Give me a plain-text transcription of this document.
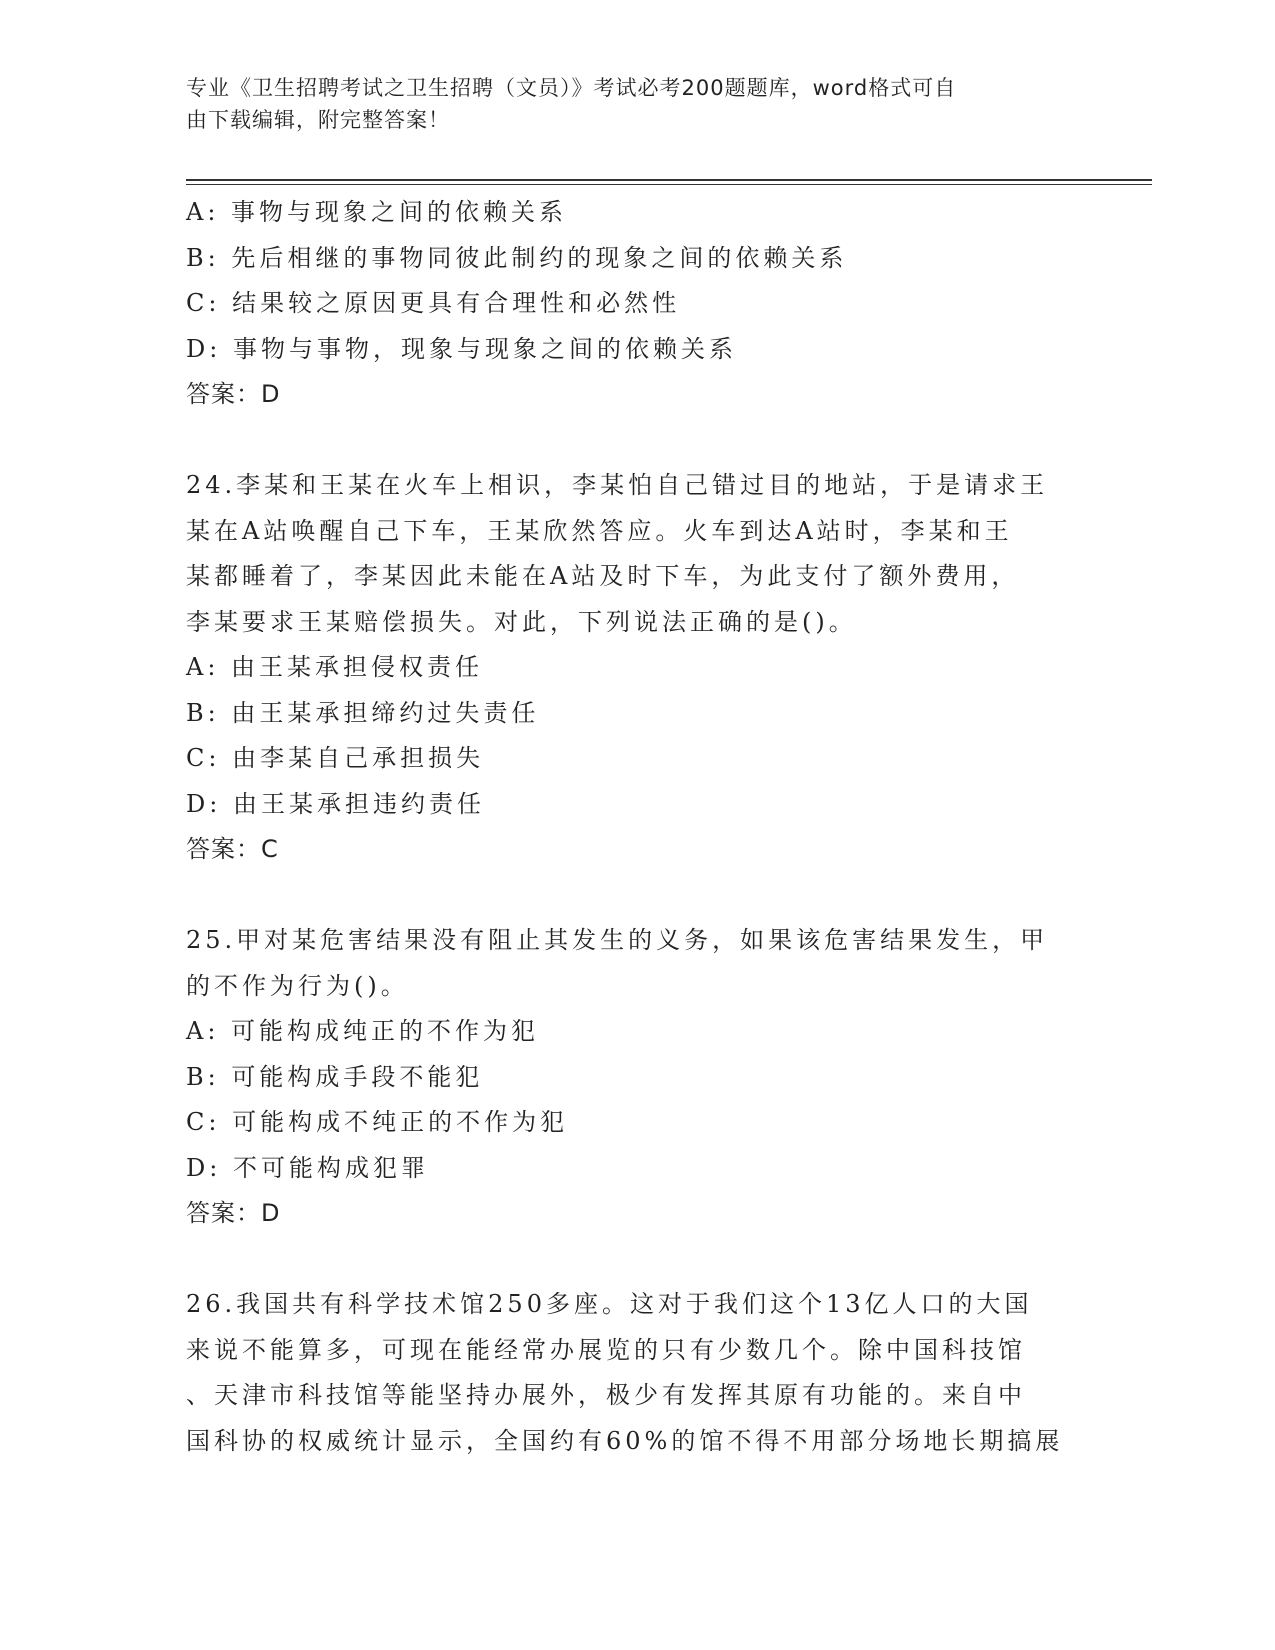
专业《卫生招聘考试之卫生招聘（文员）》考试必考200题题库，word格式可自
由下载编辑，附完整答案！
A: 事物与现象之间的依赖关系
B: 先后相继的事物同彼此制约的现象之间的依赖关系
C: 结果较之原因更具有合理性和必然性
D: 事物与事物，现象与现象之间的依赖关系
答案：D
24.李某和王某在火车上相识，李某怕自己错过目的地站，于是请求王
某在A站唤醒自己下车，王某欣然答应。火车到达A站时，李某和王
某都睡着了，李某因此未能在A站及时下车，为此支付了额外费用，
李某要求王某赔偿损失。对此，下列说法正确的是()。
A: 由王某承担侵权责任
B: 由王某承担缔约过失责任
C: 由李某自己承担损失
D: 由王某承担违约责任
答案：C
25.甲对某危害结果没有阻止其发生的义务，如果该危害结果发生，甲
的不作为行为()。
A: 可能构成纯正的不作为犯
B: 可能构成手段不能犯
C: 可能构成不纯正的不作为犯
D: 不可能构成犯罪
答案：D
26.我国共有科学技术馆250多座。这对于我们这个13亿人口的大国
来说不能算多，可现在能经常办展览的只有少数几个。除中国科技馆
、天津市科技馆等能坚持办展外，极少有发挥其原有功能的。来自中
国科协的权威统计显示，全国约有60%的馆不得不用部分场地长期搞展
